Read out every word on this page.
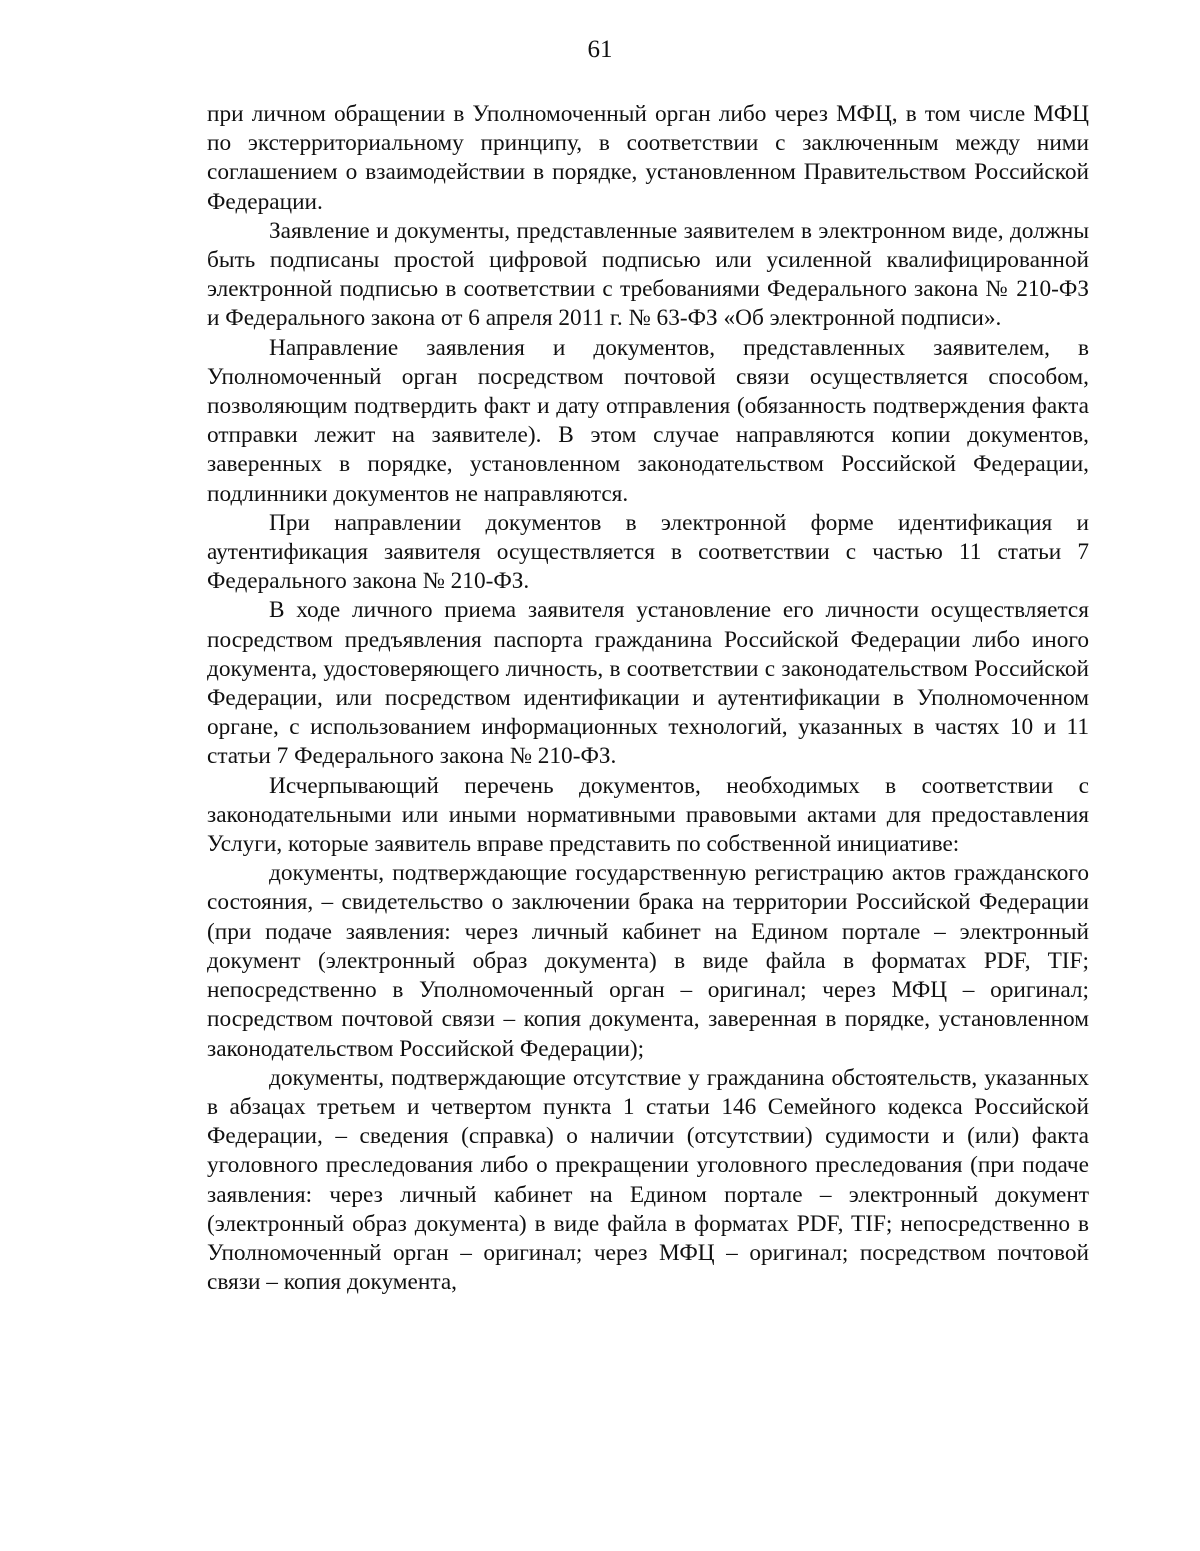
61

при личном обращении в Уполномоченный орган либо через МФЦ, в том числе МФЦ по экстерриториальному принципу, в соответствии с заключенным между ними соглашением о взаимодействии в порядке, установленном Правительством Российской Федерации.

Заявление и документы, представленные заявителем в электронном виде, должны быть подписаны простой цифровой подписью или усиленной квалифицированной электронной подписью в соответствии с требованиями Федерального закона № 210-ФЗ и Федерального закона от 6 апреля 2011 г. № 63-ФЗ «Об электронной подписи».

Направление заявления и документов, представленных заявителем, в Уполномоченный орган посредством почтовой связи осуществляется способом, позволяющим подтвердить факт и дату отправления (обязанность подтверждения факта отправки лежит на заявителе). В этом случае направляются копии документов, заверенных в порядке, установленном законодательством Российской Федерации, подлинники документов не направляются.

При направлении документов в электронной форме идентификация и аутентификация заявителя осуществляется в соответствии с частью 11 статьи 7 Федерального закона № 210-ФЗ.

В ходе личного приема заявителя установление его личности осуществляется посредством предъявления паспорта гражданина Российской Федерации либо иного документа, удостоверяющего личность, в соответствии с законодательством Российской Федерации, или посредством идентификации и аутентификации в Уполномоченном органе, с использованием информационных технологий, указанных в частях 10 и 11 статьи 7 Федерального закона № 210-ФЗ.

Исчерпывающий перечень документов, необходимых в соответствии с законодательными или иными нормативными правовыми актами для предоставления Услуги, которые заявитель вправе представить по собственной инициативе:

документы, подтверждающие государственную регистрацию актов гражданского состояния, – свидетельство о заключении брака на территории Российской Федерации (при подаче заявления: через личный кабинет на Едином портале – электронный документ (электронный образ документа) в виде файла в форматах PDF, TIF; непосредственно в Уполномоченный орган – оригинал; через МФЦ – оригинал; посредством почтовой связи – копия документа, заверенная в порядке, установленном законодательством Российской Федерации);

документы, подтверждающие отсутствие у гражданина обстоятельств, указанных в абзацах третьем и четвертом пункта 1 статьи 146 Семейного кодекса Российской Федерации, – сведения (справка) о наличии (отсутствии) судимости и (или) факта уголовного преследования либо о прекращении уголовного преследования (при подаче заявления: через личный кабинет на Едином портале – электронный документ (электронный образ документа) в виде файла в форматах PDF, TIF; непосредственно в Уполномоченный орган – оригинал; через МФЦ – оригинал; посредством почтовой связи – копия документа,
